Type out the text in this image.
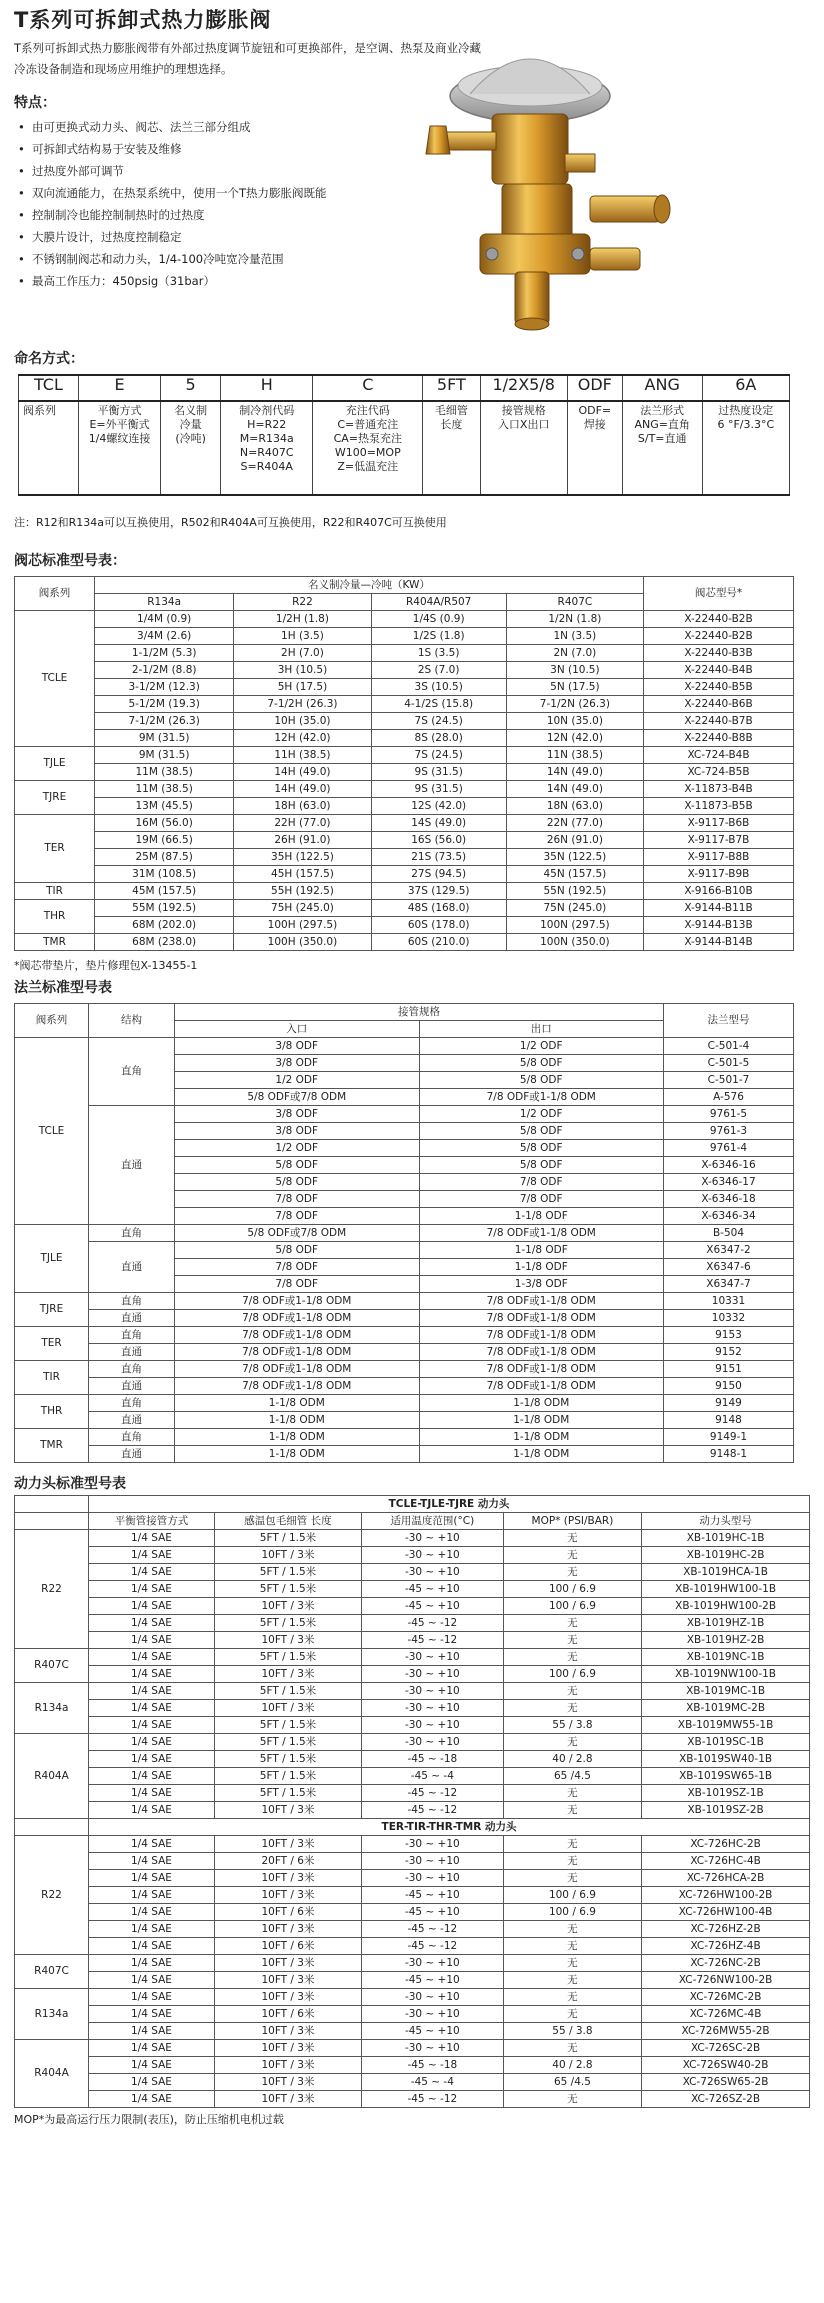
T系列可拆卸式热力膨胀阀
T系列可拆卸式热力膨胀阀带有外部过热度调节旋钮和可更换部件，是空调、热泵及商业冷藏冷冻设备制造和现场应用维护的理想选择。
特点：
• 由可更换式动力头、阀芯、法兰三部分组成
• 可拆卸式结构易于安装及维修
• 过热度外部可调节
• 双向流通能力，在热泵系统中，使用一个T热力膨胀阀既能
• 控制制冷也能控制制热时的过热度
• 大膜片设计，过热度控制稳定
• 不锈钢制阀芯和动力头，1/4-100冷吨宽冷量范围
• 最高工作压力：450psig（31bar）
命名方式：
TCL	E	5	H	C	5FT	1/2X5/8	ODF	ANG	6A
阀系列	平衡方式
E=外平衡式
1/4螺纹连接	名义制
冷量
(冷吨)	制冷剂代码
H=R22
M=R134a
N=R407C
S=R404A	充注代码
C=普通充注
CA=热泵充注
W100=MOP
Z=低温充注	毛细管
长度	接管规格
入口X出口	ODF=
焊接	法兰形式
ANG=直角
S/T=直通	过热度设定
6 °F/3.3°C
注：R12和R134a可以互换使用，R502和R404A可互换使用，R22和R407C可互换使用
阀芯标准型号表：
阀系列	名义制冷量—冷吨（KW）				阀芯型号*
	R134a	R22	R404A/R507	R407C	
TCLE	1/4M (0.9)	1/2H (1.8)	1/4S (0.9)	1/2N (1.8)	X-22440-B2B
	3/4M (2.6)	1H (3.5)	1/2S (1.8)	1N (3.5)	X-22440-B2B
	1-1/2M (5.3)	2H (7.0)	1S (3.5)	2N (7.0)	X-22440-B3B
	2-1/2M (8.8)	3H (10.5)	2S (7.0)	3N (10.5)	X-22440-B4B
	3-1/2M (12.3)	5H (17.5)	3S (10.5)	5N (17.5)	X-22440-B5B
	5-1/2M (19.3)	7-1/2H (26.3)	4-1/2S (15.8)	7-1/2N (26.3)	X-22440-B6B
	7-1/2M (26.3)	10H (35.0)	7S (24.5)	10N (35.0)	X-22440-B7B
	9M (31.5)	12H (42.0)	8S (28.0)	12N (42.0)	X-22440-B8B
TJLE	9M (31.5)	11H (38.5)	7S (24.5)	11N (38.5)	XC-724-B4B
	11M (38.5)	14H (49.0)	9S (31.5)	14N (49.0)	XC-724-B5B
TJRE	11M (38.5)	14H (49.0)	9S (31.5)	14N (49.0)	X-11873-B4B
	13M (45.5)	18H (63.0)	12S (42.0)	18N (63.0)	X-11873-B5B
TER	16M (56.0)	22H (77.0)	14S (49.0)	22N (77.0)	X-9117-B6B
	19M (66.5)	26H (91.0)	16S (56.0)	26N (91.0)	X-9117-B7B
	25M (87.5)	35H (122.5)	21S (73.5)	35N (122.5)	X-9117-B8B
	31M (108.5)	45H (157.5)	27S (94.5)	45N (157.5)	X-9117-B9B
TIR	45M (157.5)	55H (192.5)	37S (129.5)	55N (192.5)	X-9166-B10B
THR	55M (192.5)	75H (245.0)	48S (168.0)	75N (245.0)	X-9144-B11B
	68M (202.0)	100H (297.5)	60S (178.0)	100N (297.5)	X-9144-B13B
TMR	68M (238.0)	100H (350.0)	60S (210.0)	100N (350.0)	X-9144-B14B
*阀芯带垫片，垫片修理包X-13455-1
法兰标准型号表
阀系列	结构	接管规格		法兰型号
		入口	出口	
TCLE	直角	3/8 ODF	1/2 ODF	C-501-4
		3/8 ODF	5/8 ODF	C-501-5
		1/2 ODF	5/8 ODF	C-501-7
		5/8 ODF或7/8 ODM	7/8 ODF或1-1/8 ODM	A-576
	直通	3/8 ODF	1/2 ODF	9761-5
		3/8 ODF	5/8 ODF	9761-3
		1/2 ODF	5/8 ODF	9761-4
		5/8 ODF	5/8 ODF	X-6346-16
		5/8 ODF	7/8 ODF	X-6346-17
		7/8 ODF	7/8 ODF	X-6346-18
		7/8 ODF	1-1/8 ODF	X-6346-34
TJLE	直角	5/8 ODF或7/8 ODM	7/8 ODF或1-1/8 ODM	B-504
	直通	5/8 ODF	1-1/8 ODF	X6347-2
		7/8 ODF	1-1/8 ODF	X6347-6
		7/8 ODF	1-3/8 ODF	X6347-7
TJRE	直角	7/8 ODF或1-1/8 ODM	7/8 ODF或1-1/8 ODM	10331
	直通	7/8 ODF或1-1/8 ODM	7/8 ODF或1-1/8 ODM	10332
TER	直角	7/8 ODF或1-1/8 ODM	7/8 ODF或1-1/8 ODM	9153
	直通	7/8 ODF或1-1/8 ODM	7/8 ODF或1-1/8 ODM	9152
TIR	直角	7/8 ODF或1-1/8 ODM	7/8 ODF或1-1/8 ODM	9151
	直通	7/8 ODF或1-1/8 ODM	7/8 ODF或1-1/8 ODM	9150
THR	直角	1-1/8 ODM	1-1/8 ODM	9149
	直通	1-1/8 ODM	1-1/8 ODM	9148
TMR	直角	1-1/8 ODM	1-1/8 ODM	9149-1
	直通	1-1/8 ODM	1-1/8 ODM	9148-1
动力头标准型号表
	TCLE-TJLE-TJRE 动力头				
	平衡管接管方式	感温包毛细管 长度	适用温度范围(°C)	MOP* (PSI/BAR)	动力头型号
R22	1/4 SAE	5FT / 1.5米	-30 ~ +10	无	XB-1019HC-1B
	1/4 SAE	10FT / 3米	-30 ~ +10	无	XB-1019HC-2B
	1/4 SAE	5FT / 1.5米	-30 ~ +10	无	XB-1019HCA-1B
	1/4 SAE	5FT / 1.5米	-45 ~ +10	100 / 6.9	XB-1019HW100-1B
	1/4 SAE	10FT / 3米	-45 ~ +10	100 / 6.9	XB-1019HW100-2B
	1/4 SAE	5FT / 1.5米	-45 ~ -12	无	XB-1019HZ-1B
	1/4 SAE	10FT / 3米	-45 ~ -12	无	XB-1019HZ-2B
R407C	1/4 SAE	5FT / 1.5米	-30 ~ +10	无	XB-1019NC-1B
	1/4 SAE	10FT / 3米	-30 ~ +10	100 / 6.9	XB-1019NW100-1B
R134a	1/4 SAE	5FT / 1.5米	-30 ~ +10	无	XB-1019MC-1B
	1/4 SAE	10FT / 3米	-30 ~ +10	无	XB-1019MC-2B
	1/4 SAE	5FT / 1.5米	-30 ~ +10	55 / 3.8	XB-1019MW55-1B
R404A	1/4 SAE	5FT / 1.5米	-30 ~ +10	无	XB-1019SC-1B
	1/4 SAE	5FT / 1.5米	-45 ~ -18	40 / 2.8	XB-1019SW40-1B
	1/4 SAE	5FT / 1.5米	-45 ~ -4	65 /4.5	XB-1019SW65-1B
	1/4 SAE	5FT / 1.5米	-45 ~ -12	无	XB-1019SZ-1B
	1/4 SAE	10FT / 3米	-45 ~ -12	无	XB-1019SZ-2B
	TER-TIR-THR-TMR 动力头				
R22	1/4 SAE	10FT / 3米	-30 ~ +10	无	XC-726HC-2B
	1/4 SAE	20FT / 6米	-30 ~ +10	无	XC-726HC-4B
	1/4 SAE	10FT / 3米	-30 ~ +10	无	XC-726HCA-2B
	1/4 SAE	10FT / 3米	-45 ~ +10	100 / 6.9	XC-726HW100-2B
	1/4 SAE	10FT / 6米	-45 ~ +10	100 / 6.9	XC-726HW100-4B
	1/4 SAE	10FT / 3米	-45 ~ -12	无	XC-726HZ-2B
	1/4 SAE	10FT / 6米	-45 ~ -12	无	XC-726HZ-4B
R407C	1/4 SAE	10FT / 3米	-30 ~ +10	无	XC-726NC-2B
	1/4 SAE	10FT / 3米	-45 ~ +10	无	XC-726NW100-2B
R134a	1/4 SAE	10FT / 3米	-30 ~ +10	无	XC-726MC-2B
	1/4 SAE	10FT / 6米	-30 ~ +10	无	XC-726MC-4B
	1/4 SAE	10FT / 3米	-45 ~ +10	55 / 3.8	XC-726MW55-2B
R404A	1/4 SAE	10FT / 3米	-30 ~ +10	无	XC-726SC-2B
	1/4 SAE	10FT / 3米	-45 ~ -18	40 / 2.8	XC-726SW40-2B
	1/4 SAE	10FT / 3米	-45 ~ -4	65 /4.5	XC-726SW65-2B
	1/4 SAE	10FT / 3米	-45 ~ -12	无	XC-726SZ-2B
MOP*为最高运行压力限制(表压)，防止压缩机电机过载
